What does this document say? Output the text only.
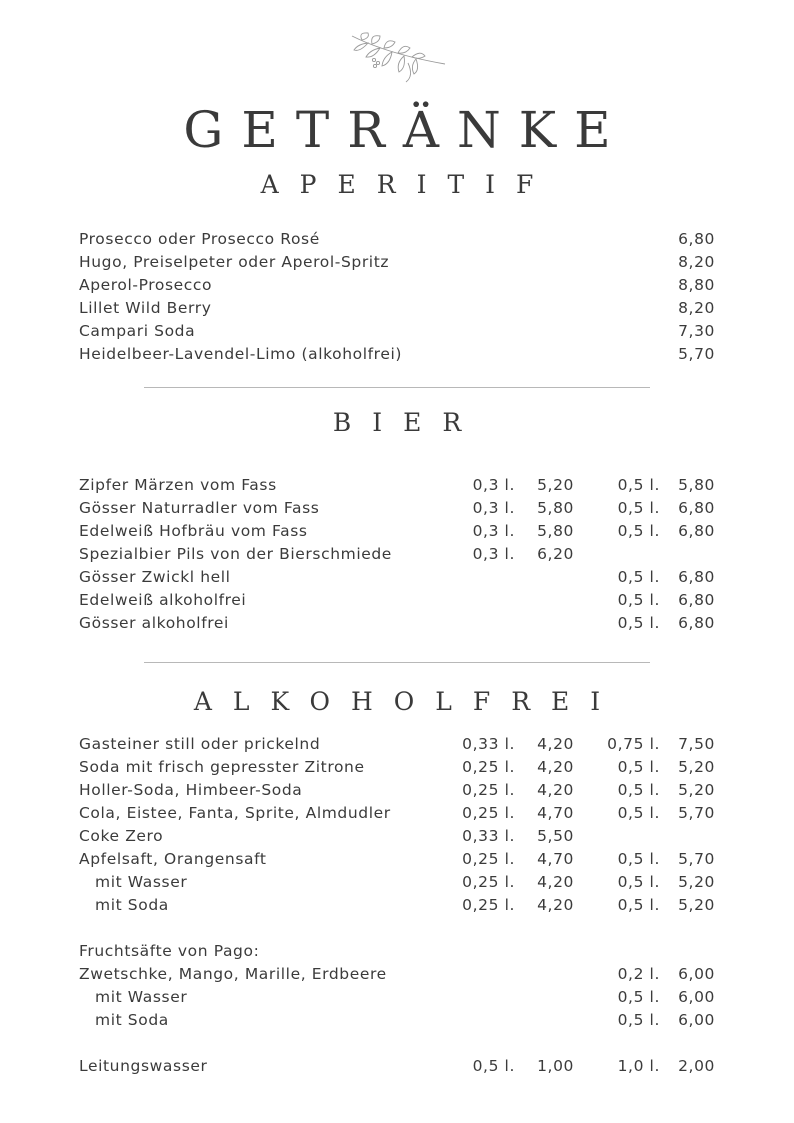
GETRÄNKE
APERITIF
Prosecco oder Prosecco Rosé	6,80
Hugo, Preiselpeter oder Aperol-Spritz	8,20
Aperol-Prosecco	8,80
Lillet Wild Berry	8,20
Campari Soda	7,30
Heidelbeer-Lavendel-Limo (alkoholfrei)	5,70
BIER
Zipfer Märzen vom Fass	0,3 l. 5,20	0,5 l. 5,80
Gösser Naturradler vom Fass	0,3 l. 5,80	0,5 l. 6,80
Edelweiß Hofbräu vom Fass	0,3 l. 5,80	0,5 l. 6,80
Spezialbier Pils von der Bierschmiede	0,3 l. 6,20
Gösser Zwickl hell	0,5 l. 6,80
Edelweiß alkoholfrei	0,5 l. 6,80
Gösser alkoholfrei	0,5 l. 6,80
ALKOHOLFREI
Gasteiner still oder prickelnd	0,33 l. 4,20 0,75 l. 7,50
Soda mit frisch gepresster Zitrone	0,25 l. 4,20	0,5 l. 5,20
Holler-Soda, Himbeer-Soda	0,25 l. 4,20	0,5 l. 5,20
Cola, Eistee, Fanta, Sprite, Almdudler	0,25 l. 4,70	0,5 l. 5,70
Coke Zero	0,33 l. 5,50
Apfelsaft, Orangensaft	0,25 l. 4,70	0,5 l. 5,70
mit Wasser	0,25 l. 4,20	0,5 l. 5,20
mit Soda	0,25 l. 4,20	0,5 l. 5,20
Fruchtsäfte von Pago:
Zwetschke, Mango, Marille, Erdbeere	0,2 l. 6,00
mit Wasser	0,5 l. 6,00
mit Soda	0,5 l. 6,00
Leitungswasser	0,5 l. 1,00	1,0 l. 2,00
